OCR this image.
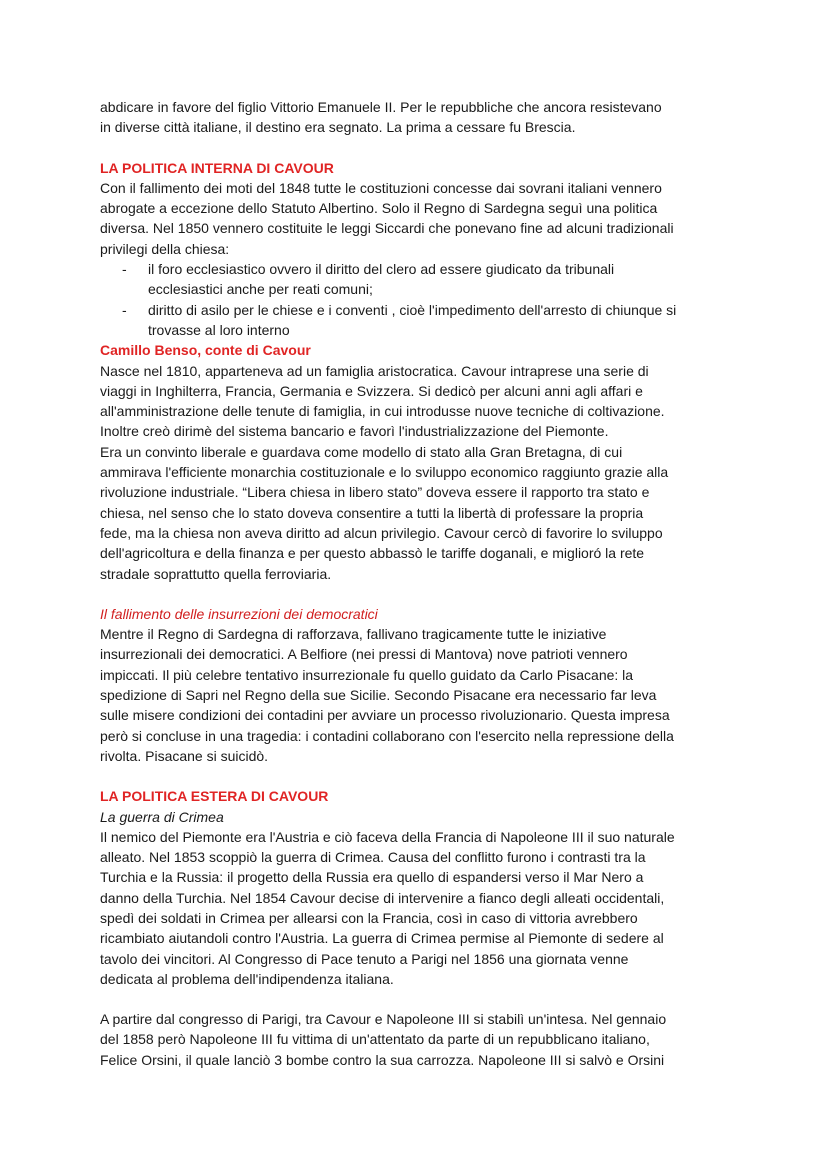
abdicare in favore del figlio Vittorio Emanuele II. Per le repubbliche che ancora resistevano

in diverse città italiane, il destino era segnato. La prima a cessare fu Brescia.

LA POLITICA INTERNA DI CAVOUR

Con il fallimento dei moti del 1848 tutte le costituzioni concesse dai sovrani italiani vennero

abrogate a eccezione dello Statuto Albertino. Solo il Regno di Sardegna seguì una politica

diversa. Nel 1850 vennero costituite le leggi Siccardi che ponevano fine ad alcuni tradizionali

privilegi della chiesa:

- il foro ecclesiastico ovvero il diritto del clero ad essere giudicato da tribunali
ecclesiastici anche per reati comuni;
- diritto di asilo per le chiese e i conventi , cioè l'impedimento dell'arresto di chiunque si
trovasse al loro interno

Camillo Benso, conte di Cavour

Nasce nel 1810, apparteneva ad un famiglia aristocratica. Cavour intraprese una serie di

viaggi in Inghilterra, Francia, Germania e Svizzera. Si dedicò per alcuni anni agli affari e

all'amministrazione delle tenute di famiglia, in cui introdusse nuove tecniche di coltivazione.

Inoltre creò dirimè del sistema bancario e favorì l'industrializzazione del Piemonte.

Era un convinto liberale e guardava come modello di stato alla Gran Bretagna, di cui

ammirava l'efficiente monarchia costituzionale e lo sviluppo economico raggiunto grazie alla

rivoluzione industriale. “Libera chiesa in libero stato” doveva essere il rapporto tra stato e

chiesa, nel senso che lo stato doveva consentire a tutti la libertà di professare la propria

fede, ma la chiesa non aveva diritto ad alcun privilegio. Cavour cercò di favorire lo sviluppo

dell'agricoltura e della finanza e per questo abbassò le tariffe doganali, e miglioró la rete

stradale soprattutto quella ferroviaria.

Il fallimento delle insurrezioni dei democratici

Mentre il Regno di Sardegna di rafforzava, fallivano tragicamente tutte le iniziative

insurrezionali dei democratici. A Belfiore (nei pressi di Mantova) nove patrioti vennero

impiccati. Il più celebre tentativo insurrezionale fu quello guidato da Carlo Pisacane: la

spedizione di Sapri nel Regno della sue Sicilie. Secondo Pisacane era necessario far leva

sulle misere condizioni dei contadini per avviare un processo rivoluzionario. Questa impresa

però si concluse in una tragedia: i contadini collaborano con l'esercito nella repressione della

rivolta. Pisacane si suicidò.

LA POLITICA ESTERA DI CAVOUR

La guerra di Crimea

Il nemico del Piemonte era l'Austria e ciò faceva della Francia di Napoleone III il suo naturale

alleato. Nel 1853 scoppiò la guerra di Crimea. Causa del conflitto furono i contrasti tra la

Turchia e la Russia: il progetto della Russia era quello di espandersi verso il Mar Nero a

danno della Turchia. Nel 1854 Cavour decise di intervenire a fianco degli alleati occidentali,

spedì dei soldati in Crimea per allearsi con la Francia, così in caso di vittoria avrebbero

ricambiato aiutandoli contro l'Austria. La guerra di Crimea permise al Piemonte di sedere al

tavolo dei vincitori. Al Congresso di Pace tenuto a Parigi nel 1856 una giornata venne

dedicata al problema dell'indipendenza italiana.

A partire dal congresso di Parigi, tra Cavour e Napoleone III si stabilì un'intesa. Nel gennaio

del 1858 però Napoleone III fu vittima di un'attentato da parte di un repubblicano italiano,

Felice Orsini, il quale lanciò 3 bombe contro la sua carrozza. Napoleone III si salvò e Orsini
